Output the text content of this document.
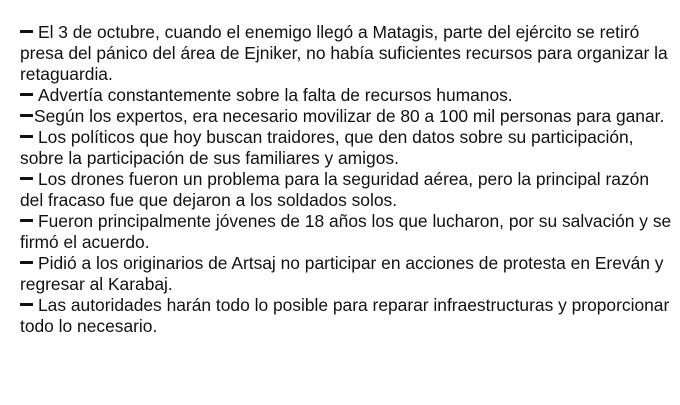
El 3 de octubre, cuando el enemigo llegó a Matagis, parte del ejército se retiró presa del pánico del área de Ejniker, no había suficientes recursos para organizar la retaguardia.

Advertía constantemente sobre la falta de recursos humanos.

Según los expertos, era necesario movilizar de 80 a 100 mil personas para ganar.

Los políticos que hoy buscan traidores, que den datos sobre su participación, sobre la participación de sus familiares y amigos.

Los drones fueron un problema para la seguridad aérea, pero la principal razón del fracaso fue que dejaron a los soldados solos.

Fueron principalmente jóvenes de 18 años los que lucharon, por su salvación y se firmó el acuerdo.

Pidió a los originarios de Artsaj no participar en acciones de protesta en Ereván y regresar al Karabaj.

Las autoridades harán todo lo posible para reparar infraestructuras y proporcionar todo lo necesario.
